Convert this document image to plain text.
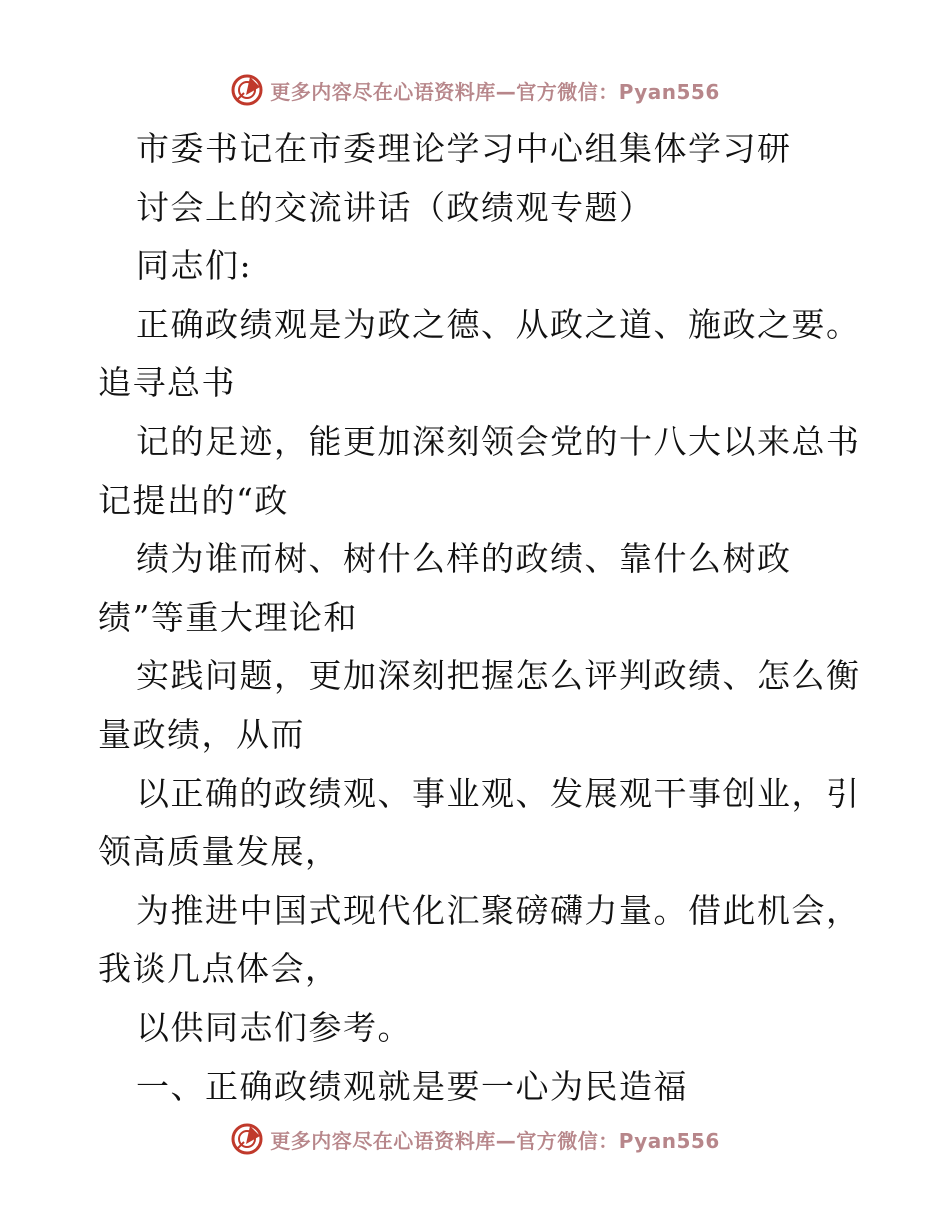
更多内容尽在心语资料库—官方微信：Pyan556
市委书记在市委理论学习中心组集体学习研
讨会上的交流讲话（政绩观专题）
同志们:
正确政绩观是为政之德、从政之道、施政之要。
追寻总书
记的足迹，能更加深刻领会党的十八大以来总书
记提出的“政
绩为谁而树、树什么样的政绩、靠什么树政
绩”等重大理论和
实践问题，更加深刻把握怎么评判政绩、怎么衡
量政绩，从而
以正确的政绩观、事业观、发展观干事创业，引
领高质量发展，
为推进中国式现代化汇聚磅礴力量。借此机会，
我谈几点体会，
以供同志们参考。
一、正确政绩观就是要一心为民造福
更多内容尽在心语资料库—官方微信：Pyan556
